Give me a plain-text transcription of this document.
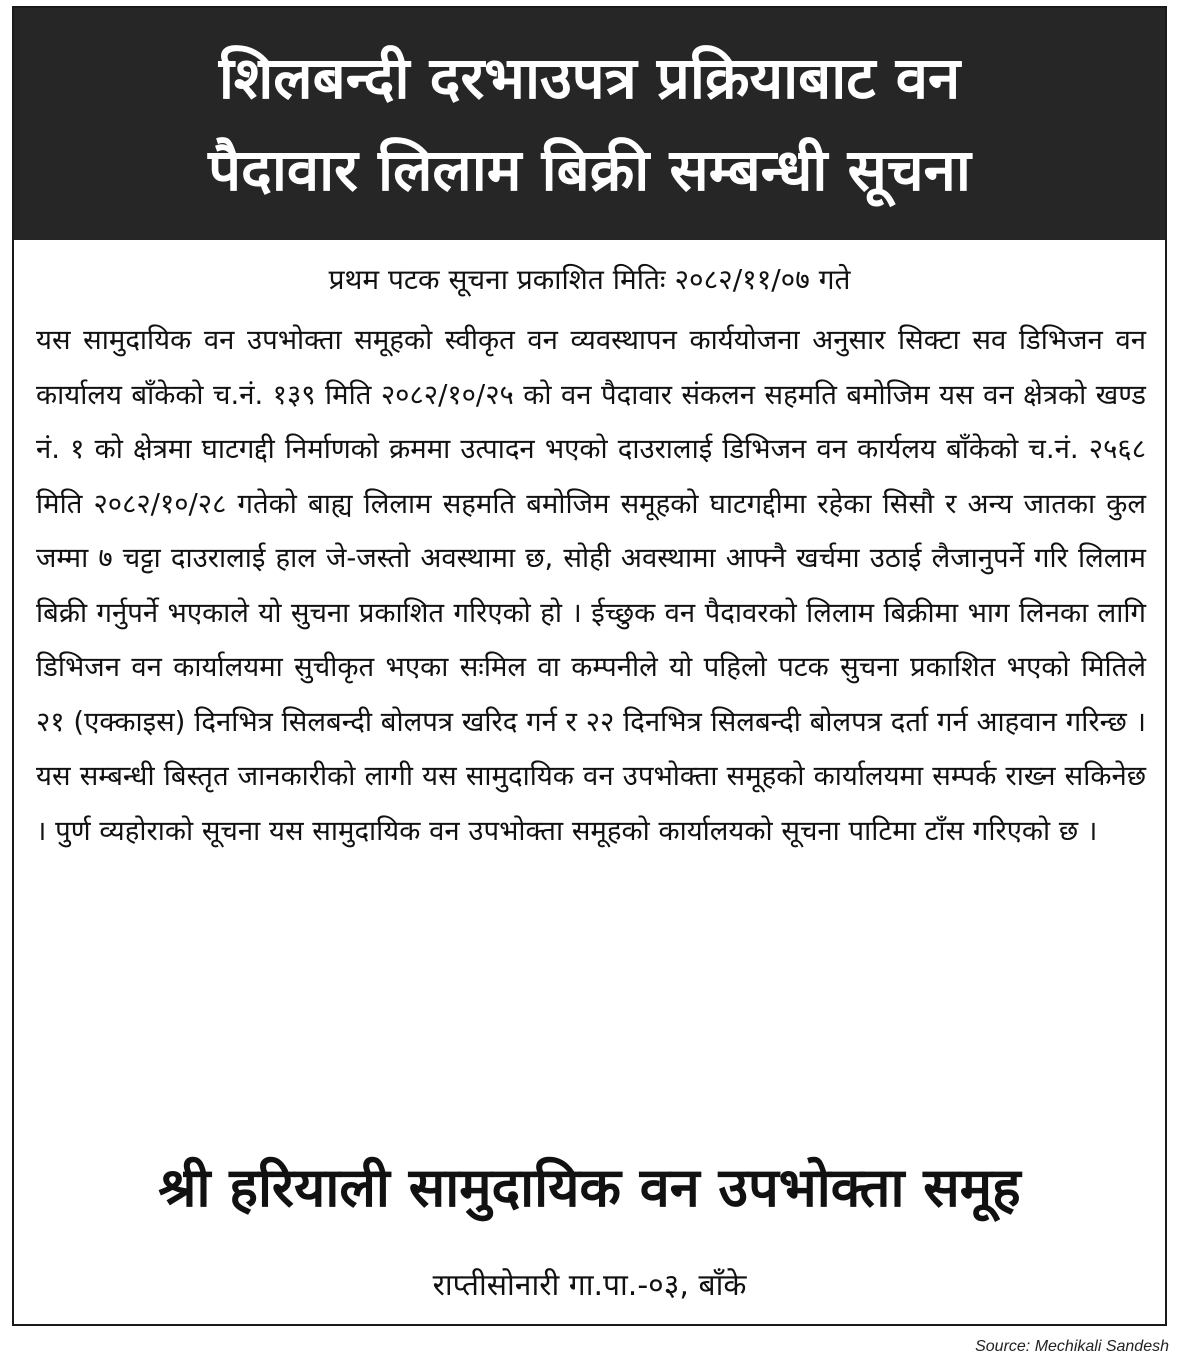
शिलबन्दी दरभाउपत्र प्रक्रियाबाट वन

पैदावार लिलाम बिक्री सम्बन्धी सूचना

प्रथम पटक सूचना प्रकाशित मितिः २०८२/११/०७ गते

यस सामुदायिक वन उपभोक्ता समूहको स्वीकृत वन व्यवस्थापन कार्ययोजना अनुसार सिक्टा सव डिभिजन वन कार्यालय बाँकेको च.नं. १३९ मिति २०८२/१०/२५ को वन पैदावार संकलन सहमति बमोजिम यस वन क्षेत्रको खण्ड नं. १ को क्षेत्रमा घाटगद्दी निर्माणको क्रममा उत्पादन भएको दाउरालाई डिभिजन वन कार्यलय बाँकेको च.नं. २५६८ मिति २०८२/१०/२८ गतेको बाह्य लिलाम सहमति बमोजिम समूहको घाटगद्दीमा रहेका सिसौ र अन्य जातका कुल जम्मा ७ चट्टा दाउरालाई हाल जे-जस्तो अवस्थामा छ, सोही अवस्थामा आफ्नै खर्चमा उठाई लैजानुपर्ने गरि लिलाम बिक्री गर्नुपर्ने भएकाले यो सुचना प्रकाशित गरिएको हो । ईच्छुक वन पैदावरको लिलाम बिक्रीमा भाग लिनका लागि डिभिजन वन कार्यालयमा सुचीकृत भएका सःमिल वा कम्पनीले यो पहिलो पटक सुचना प्रकाशित भएको मितिले २१ (एक्काइस) दिनभित्र सिलबन्दी बोलपत्र खरिद गर्न र २२ दिनभित्र सिलबन्दी बोलपत्र दर्ता गर्न आहवान गरिन्छ । यस सम्बन्धी बिस्तृत जानकारीको लागी यस सामुदायिक वन उपभोक्ता समूहको कार्यालयमा सम्पर्क राख्न सकिनेछ । पुर्ण व्यहोराको सूचना यस सामुदायिक वन उपभोक्ता समूहको कार्यालयको सूचना पाटिमा टाँस गरिएको छ ।

श्री हरियाली सामुदायिक वन उपभोक्ता समूह

राप्तीसोनारी गा.पा.-०३, बाँके

Source: Mechikali Sandesh
